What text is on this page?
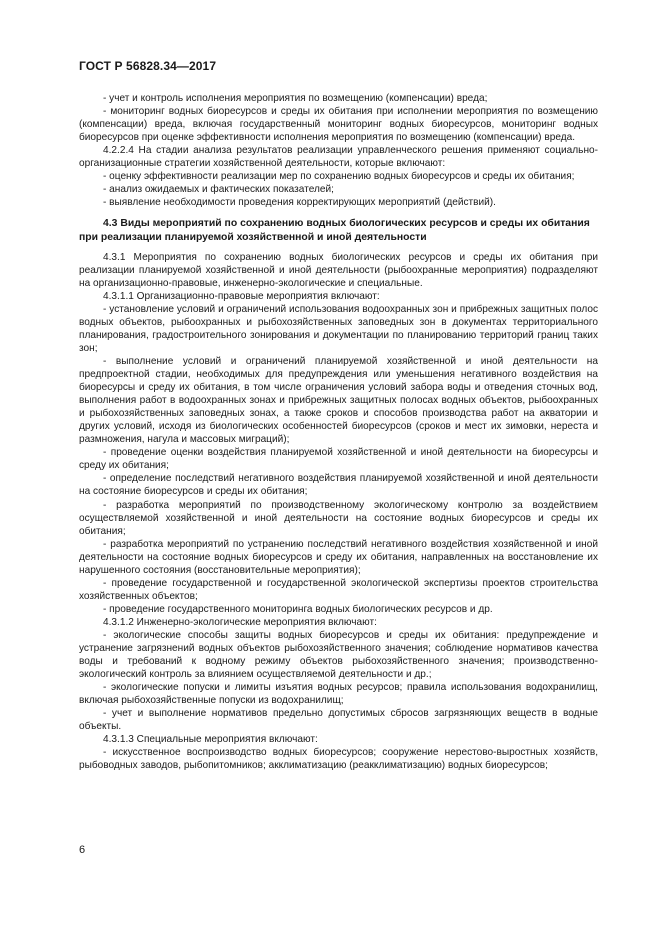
ГОСТ Р 56828.34—2017

- учет и контроль исполнения мероприятия по возмещению (компенсации) вреда;

- мониторинг водных биоресурсов и среды их обитания при исполнении мероприятия по возмещению (компенсации) вреда, включая государственный мониторинг водных биоресурсов, мониторинг водных биоресурсов при оценке эффективности исполнения мероприятия по возмещению (компенсации) вреда.

4.2.2.4 На стадии анализа результатов реализации управленческого решения применяют социально-организационные стратегии хозяйственной деятельности, которые включают:

- оценку эффективности реализации мер по сохранению водных биоресурсов и среды их обитания;

- анализ ожидаемых и фактических показателей;

- выявление необходимости проведения корректирующих мероприятий (действий).

4.3 Виды мероприятий по сохранению водных биологических ресурсов и среды их обитания при реализации планируемой хозяйственной и иной деятельности

4.3.1 Мероприятия по сохранению водных биологических ресурсов и среды их обитания при реализации планируемой хозяйственной и иной деятельности (рыбоохранные мероприятия) подразделяют на организационно-правовые, инженерно-экологические и специальные.

4.3.1.1 Организационно-правовые мероприятия включают:

- установление условий и ограничений использования водоохранных зон и прибрежных защитных полос водных объектов, рыбоохранных и рыбохозяйственных заповедных зон в документах территориального планирования, градостроительного зонирования и документации по планированию территорий границ таких зон;

- выполнение условий и ограничений планируемой хозяйственной и иной деятельности на предпроектной стадии, необходимых для предупреждения или уменьшения негативного воздействия на биоресурсы и среду их обитания, в том числе ограничения условий забора воды и отведения сточных вод, выполнения работ в водоохранных зонах и прибрежных защитных полосах водных объектов, рыбоохранных и рыбохозяйственных заповедных зонах, а также сроков и способов производства работ на акватории и других условий, исходя из биологических особенностей биоресурсов (сроков и мест их зимовки, нереста и размножения, нагула и массовых миграций);

- проведение оценки воздействия планируемой хозяйственной и иной деятельности на биоресурсы и среду их обитания;

- определение последствий негативного воздействия планируемой хозяйственной и иной деятельности на состояние биоресурсов и среды их обитания;

- разработка мероприятий по производственному экологическому контролю за воздействием осуществляемой хозяйственной и иной деятельности на состояние водных биоресурсов и среды их обитания;

- разработка мероприятий по устранению последствий негативного воздействия хозяйственной и иной деятельности на состояние водных биоресурсов и среду их обитания, направленных на восстановление их нарушенного состояния (восстановительные мероприятия);

- проведение государственной и государственной экологической экспертизы проектов строительства хозяйственных объектов;

- проведение государственного мониторинга водных биологических ресурсов и др.

4.3.1.2 Инженерно-экологические мероприятия включают:

- экологические способы защиты водных биоресурсов и среды их обитания: предупреждение и устранение загрязнений водных объектов рыбохозяйственного значения; соблюдение нормативов качества воды и требований к водному режиму объектов рыбохозяйственного значения; производственно-экологический контроль за влиянием осуществляемой деятельности и др.;

- экологические попуски и лимиты изъятия водных ресурсов; правила использования водохранилищ, включая рыбохозяйственные попуски из водохранилищ;

- учет и выполнение нормативов предельно допустимых сбросов загрязняющих веществ в водные объекты.

4.3.1.3 Специальные мероприятия включают:

- искусственное воспроизводство водных биоресурсов; сооружение нерестово-выростных хозяйств, рыбоводных заводов, рыбопитомников; акклиматизацию (реакклиматизацию) водных биоресурсов;

6
